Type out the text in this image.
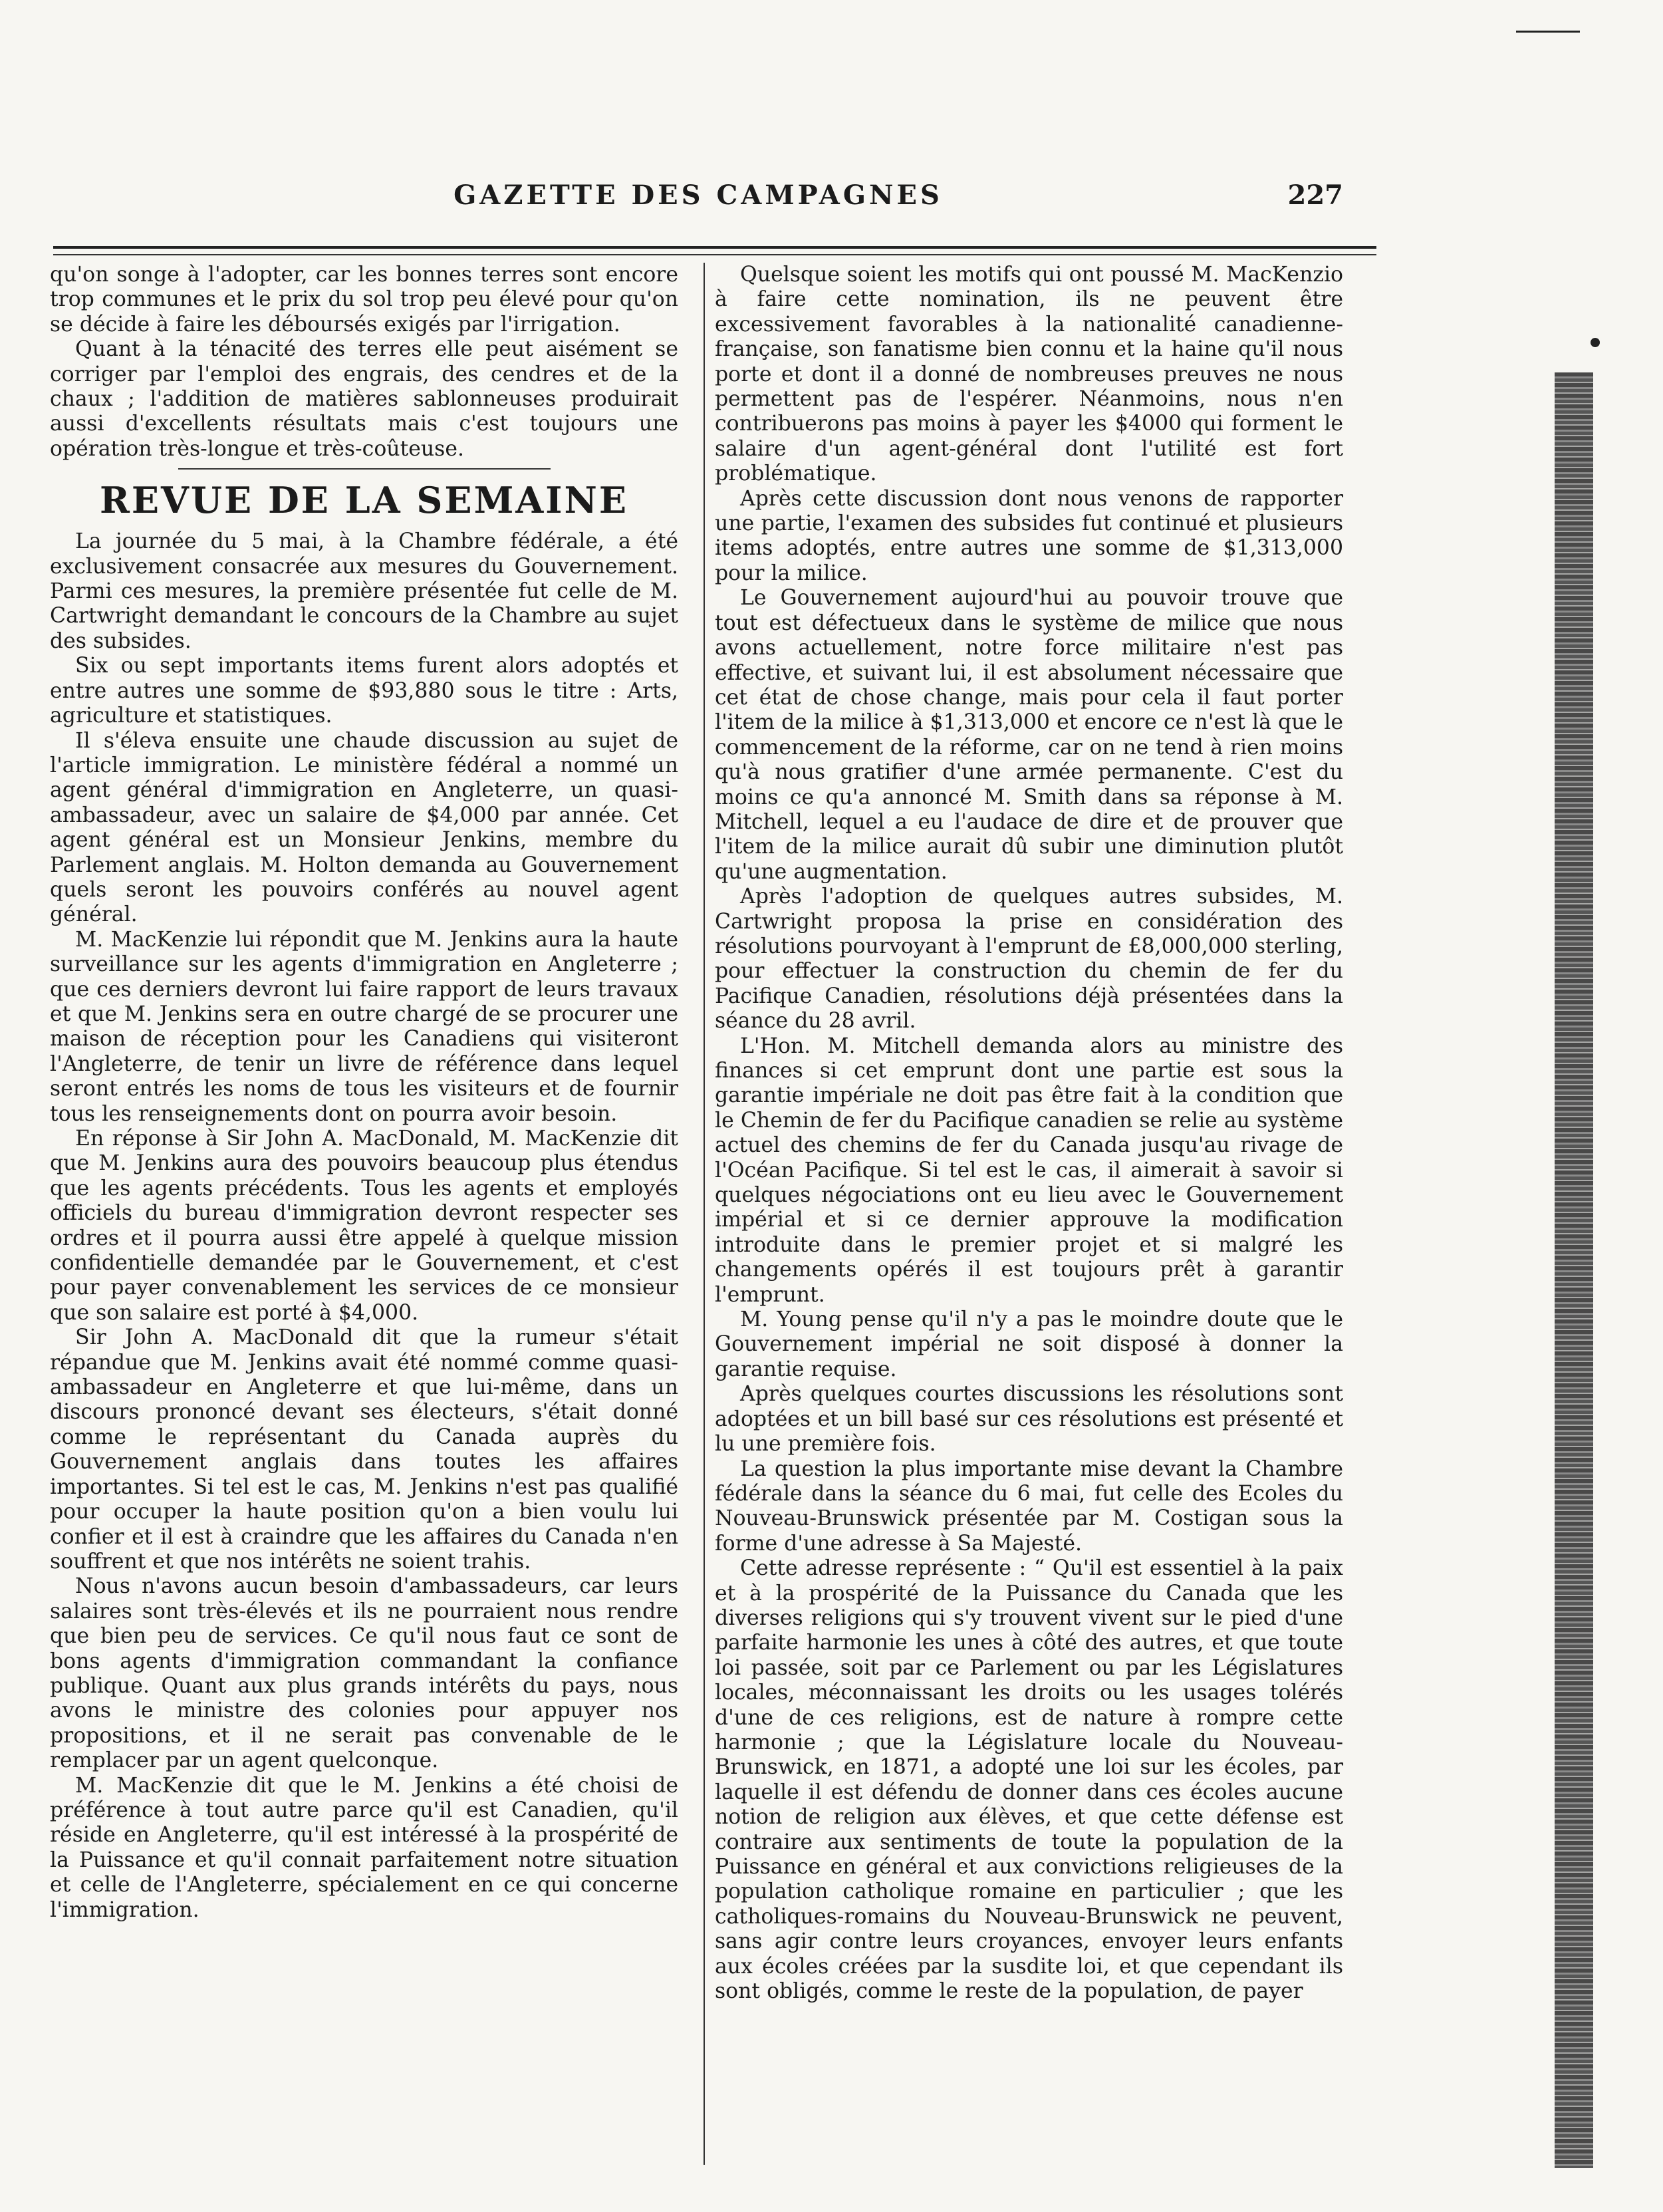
GAZETTE DES CAMPAGNES	227

qu'on songe à l'adopter, car les bonnes terres sont encore trop communes et le prix du sol trop peu élevé pour qu'on se décide à faire les déboursés exigés par l'irrigation.

Quant à la ténacité des terres elle peut aisément se corriger par l'emploi des engrais, des cendres et de la chaux ; l'addition de matières sablonneuses produirait aussi d'excellents résultats mais c'est toujours une opération très-longue et très-coûteuse.

REVUE DE LA SEMAINE

La journée du 5 mai, à la Chambre fédérale, a été exclusivement consacrée aux mesures du Gouvernement. Parmi ces mesures, la première présentée fut celle de M. Cartwright demandant le concours de la Chambre au sujet des subsides.

Six ou sept importants items furent alors adoptés et entre autres une somme de $93,880 sous le titre : Arts, agriculture et statistiques.

Il s'éleva ensuite une chaude discussion au sujet de l'article immigration. Le ministère fédéral a nommé un agent général d'immigration en Angleterre, un quasi-ambassadeur, avec un salaire de $4,000 par année. Cet agent général est un Monsieur Jenkins, membre du Parlement anglais. M. Holton demanda au Gouvernement quels seront les pouvoirs conférés au nouvel agent général.

M. MacKenzie lui répondit que M. Jenkins aura la haute surveillance sur les agents d'immigration en Angleterre ; que ces derniers devront lui faire rapport de leurs travaux et que M. Jenkins sera en outre chargé de se procurer une maison de réception pour les Canadiens qui visiteront l'Angleterre, de tenir un livre de référence dans lequel seront entrés les noms de tous les visiteurs et de fournir tous les renseignements dont on pourra avoir besoin.

En réponse à Sir John A. MacDonald, M. MacKenzie dit que M. Jenkins aura des pouvoirs beaucoup plus étendus que les agents précédents. Tous les agents et employés officiels du bureau d'immigration devront respecter ses ordres et il pourra aussi être appelé à quelque mission confidentielle demandée par le Gouvernement, et c'est pour payer convenablement les services de ce monsieur que son salaire est porté à $4,000.

Sir John A. MacDonald dit que la rumeur s'était répandue que M. Jenkins avait été nommé comme quasi-ambassadeur en Angleterre et que lui-même, dans un discours prononcé devant ses électeurs, s'était donné comme le représentant du Canada auprès du Gouvernement anglais dans toutes les affaires importantes. Si tel est le cas, M. Jenkins n'est pas qualifié pour occuper la haute position qu'on a bien voulu lui confier et il est à craindre que les affaires du Canada n'en souffrent et que nos intérêts ne soient trahis.

Nous n'avons aucun besoin d'ambassadeurs, car leurs salaires sont très-élevés et ils ne pourraient nous rendre que bien peu de services. Ce qu'il nous faut ce sont de bons agents d'immigration commandant la confiance publique. Quant aux plus grands intérêts du pays, nous avons le ministre des colonies pour appuyer nos propositions, et il ne serait pas convenable de le remplacer par un agent quelconque.

M. MacKenzie dit que le M. Jenkins a été choisi de préférence à tout autre parce qu'il est Canadien, qu'il réside en Angleterre, qu'il est intéressé à la prospérité de la Puissance et qu'il connait parfaitement notre situation et celle de l'Angleterre, spécialement en ce qui concerne l'immigration.

Quelsque soient les motifs qui ont poussé M. MacKenzio à faire cette nomination, ils ne peuvent être excessivement favorables à la nationalité canadienne-française, son fanatisme bien connu et la haine qu'il nous porte et dont il a donné de nombreuses preuves ne nous permettent pas de l'espérer. Néanmoins, nous n'en contribuerons pas moins à payer les $4000 qui forment le salaire d'un agent-général dont l'utilité est fort problématique.

Après cette discussion dont nous venons de rapporter une partie, l'examen des subsides fut continué et plusieurs items adoptés, entre autres une somme de $1,313,000 pour la milice.

Le Gouvernement aujourd'hui au pouvoir trouve que tout est défectueux dans le système de milice que nous avons actuellement, notre force militaire n'est pas effective, et suivant lui, il est absolument nécessaire que cet état de chose change, mais pour cela il faut porter l'item de la milice à $1,313,000 et encore ce n'est là que le commencement de la réforme, car on ne tend à rien moins qu'à nous gratifier d'une armée permanente. C'est du moins ce qu'a annoncé M. Smith dans sa réponse à M. Mitchell, lequel a eu l'audace de dire et de prouver que l'item de la milice aurait dû subir une diminution plutôt qu'une augmentation.

Après l'adoption de quelques autres subsides, M. Cartwright proposa la prise en considération des résolutions pourvoyant à l'emprunt de £8,000,000 sterling, pour effectuer la construction du chemin de fer du Pacifique Canadien, résolutions déjà présentées dans la séance du 28 avril.

L'Hon. M. Mitchell demanda alors au ministre des finances si cet emprunt dont une partie est sous la garantie impériale ne doit pas être fait à la condition que le Chemin de fer du Pacifique canadien se relie au système actuel des chemins de fer du Canada jusqu'au rivage de l'Océan Pacifique. Si tel est le cas, il aimerait à savoir si quelques négociations ont eu lieu avec le Gouvernement impérial et si ce dernier approuve la modification introduite dans le premier projet et si malgré les changements opérés il est toujours prêt à garantir l'emprunt.

M. Young pense qu'il n'y a pas le moindre doute que le Gouvernement impérial ne soit disposé à donner la garantie requise.

Après quelques courtes discussions les résolutions sont adoptées et un bill basé sur ces résolutions est présenté et lu une première fois.

La question la plus importante mise devant la Chambre fédérale dans la séance du 6 mai, fut celle des Ecoles du Nouveau-Brunswick présentée par M. Costigan sous la forme d'une adresse à Sa Majesté.

Cette adresse représente : “ Qu'il est essentiel à la paix et à la prospérité de la Puissance du Canada que les diverses religions qui s'y trouvent vivent sur le pied d'une parfaite harmonie les unes à côté des autres, et que toute loi passée, soit par ce Parlement ou par les Législatures locales, méconnaissant les droits ou les usages tolérés d'une de ces religions, est de nature à rompre cette harmonie ; que la Législature locale du Nouveau-Brunswick, en 1871, a adopté une loi sur les écoles, par laquelle il est défendu de donner dans ces écoles aucune notion de religion aux élèves, et que cette défense est contraire aux sentiments de toute la population de la Puissance en général et aux convictions religieuses de la population catholique romaine en particulier ; que les catholiques-romains du Nouveau-Brunswick ne peuvent, sans agir contre leurs croyances, envoyer leurs enfants aux écoles créées par la susdite loi, et que cependant ils sont obligés, comme le reste de la population, de payer
